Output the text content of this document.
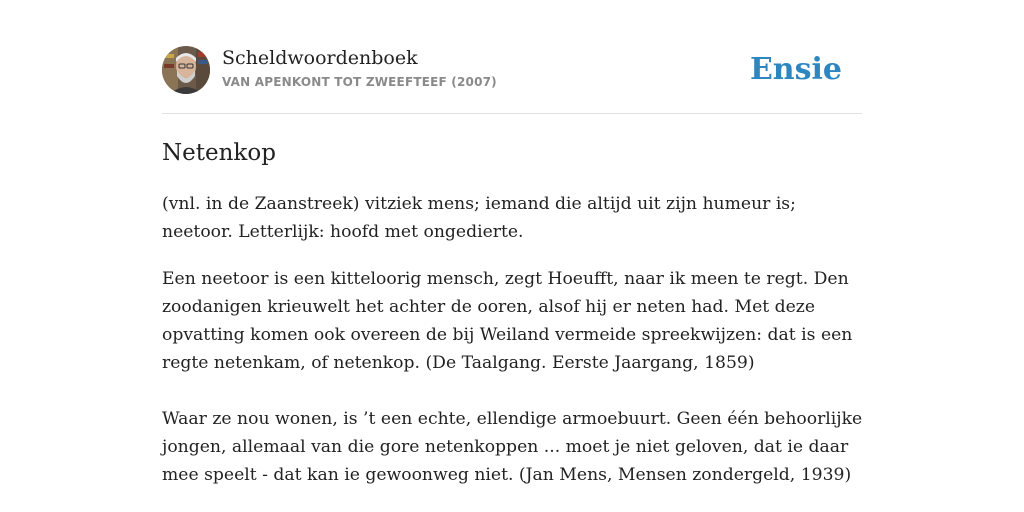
Scheldwoordenboek
VAN APENKONT TOT ZWEEFTEEF (2007)	Ensie
Netenkop

(vnl. in de Zaanstreek) vitziek mens; iemand die altijd uit zijn humeur is;
neetoor. Letterlijk: hoofd met ongedierte.

Een neetoor is een kitteloorig mensch, zegt Hoeufft, naar ik meen te regt. Den
zoodanigen krieuwelt het achter de ooren, alsof hij er neten had. Met deze
opvatting komen ook overeen de bij Weiland vermeide spreekwijzen: dat is een
regte netenkam, of netenkop. (De Taalgang. Eerste Jaargang, 1859)

Waar ze nou wonen, is ’t een echte, ellendige armoebuurt. Geen één behoorlijke
jongen, allemaal van die gore netenkoppen ... moet je niet geloven, dat ie daar
mee speelt - dat kan ie gewoonweg niet. (Jan Mens, Mensen zondergeld, 1939)
